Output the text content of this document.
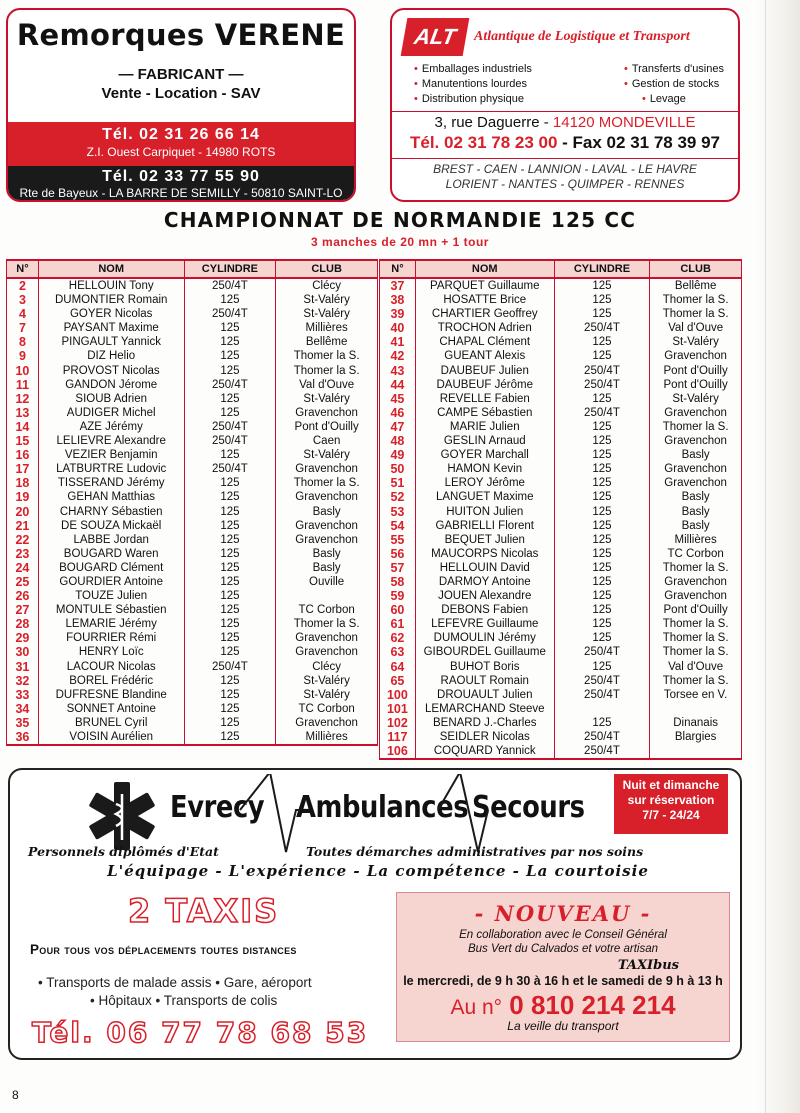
Remorques VERENE
— FABRICANT —
Vente - Location - SAV
Tél. 02 31 26 66 14
Z.I. Ouest Carpiquet - 14980 ROTS
Tél. 02 33 77 55 90
Rte de Bayeux - LA BARRE DE SEMILLY - 50810 SAINT-LO
ALT	Atlantique de Logistique et Transport
• Emballages industriels
• Manutentions lourdes
• Distribution physique
• Transferts d'usines
• Gestion de stocks
• Levage
3, rue Daguerre - 14120 MONDEVILLE
Tél. 02 31 78 23 00 - Fax 02 31 78 39 97
BREST - CAEN - LANNION - LAVAL - LE HAVRE
LORIENT - NANTES - QUIMPER - RENNES
CHAMPIONNAT DE NORMANDIE 125 CC
3 manches de 20 mn + 1 tour
N°	NOM	CYLINDRE	CLUB
2	HELLOUIN Tony	250/4T	Clécy
3	DUMONTIER Romain	125	St-Valéry
4	GOYER Nicolas	250/4T	St-Valéry
7	PAYSANT Maxime	125	Millières
8	PINGAULT Yannick	125	Bellême
9	DIZ Helio	125	Thomer la S.
10	PROVOST Nicolas	125	Thomer la S.
11	GANDON Jérome	250/4T	Val d'Ouve
12	SIOUB Adrien	125	St-Valéry
13	AUDIGER Michel	125	Gravenchon
14	AZE Jérémy	250/4T	Pont d'Ouilly
15	LELIEVRE Alexandre	250/4T	Caen
16	VEZIER Benjamin	125	St-Valéry
17	LATBURTRE Ludovic	250/4T	Gravenchon
18	TISSERAND Jérémy	125	Thomer la S.
19	GEHAN Matthias	125	Gravenchon
20	CHARNY Sébastien	125	Basly
21	DE SOUZA Mickaël	125	Gravenchon
22	LABBE Jordan	125	Gravenchon
23	BOUGARD Waren	125	Basly
24	BOUGARD Clément	125	Basly
25	GOURDIER Antoine	125	Ouville
26	TOUZE Julien	125	
27	MONTULE Sébastien	125	TC Corbon
28	LEMARIE Jérémy	125	Thomer la S.
29	FOURRIER Rémi	125	Gravenchon
30	HENRY Loïc	125	Gravenchon
31	LACOUR Nicolas	250/4T	Clécy
32	BOREL Frédéric	125	St-Valéry
33	DUFRESNE Blandine	125	St-Valéry
34	SONNET Antoine	125	TC Corbon
35	BRUNEL Cyril	125	Gravenchon
36	VOISIN Aurélien	125	Millières
N°	NOM	CYLINDRE	CLUB
37	PARQUET Guillaume	125	Bellême
38	HOSATTE Brice	125	Thomer la S.
39	CHARTIER Geoffrey	125	Thomer la S.
40	TROCHON Adrien	250/4T	Val d'Ouve
41	CHAPAL Clément	125	St-Valéry
42	GUEANT Alexis	125	Gravenchon
43	DAUBEUF Julien	250/4T	Pont d'Ouilly
44	DAUBEUF Jérôme	250/4T	Pont d'Ouilly
45	REVELLE Fabien	125	St-Valéry
46	CAMPE Sébastien	250/4T	Gravenchon
47	MARIE Julien	125	Thomer la S.
48	GESLIN Arnaud	125	Gravenchon
49	GOYER Marchall	125	Basly
50	HAMON Kevin	125	Gravenchon
51	LEROY Jérôme	125	Gravenchon
52	LANGUET Maxime	125	Basly
53	HUITON Julien	125	Basly
54	GABRIELLI Florent	125	Basly
55	BEQUET Julien	125	Millières
56	MAUCORPS Nicolas	125	TC Corbon
57	HELLOUIN David	125	Thomer la S.
58	DARMOY Antoine	125	Gravenchon
59	JOUEN Alexandre	125	Gravenchon
60	DEBONS Fabien	125	Pont d'Ouilly
61	LEFEVRE Guillaume	125	Thomer la S.
62	DUMOULIN Jérémy	125	Thomer la S.
63	GIBOURDEL Guillaume	250/4T	Thomer la S.
64	BUHOT Boris	125	Val d'Ouve
65	RAOULT Romain	250/4T	Thomer la S.
100	DROUAULT Julien	250/4T	Torsee en V.
101	LEMARCHAND Steeve		
102	BENARD J.-Charles	125	Dinanais
117	SEIDLER Nicolas	250/4T	Blargies
106	COQUARD Yannick	250/4T	
Evrecy Ambulances Secours
Nuit et dimanche
sur réservation
7/7 - 24/24
Personnels diplômés d'Etat	Toutes démarches administratives par nos soins
L'équipage - L'expérience - La compétence - La courtoisie
2 TAXIS
Pour tous vos déplacements toutes distances
• Transports de malade assis • Gare, aéroport
• Hôpitaux • Transports de colis
Tél. 06 77 78 68 53
- NOUVEAU -
En collaboration avec le Conseil Général
Bus Vert du Calvados et votre artisan
TAXIbus
le mercredi, de 9 h 30 à 16 h et le samedi de 9 h à 13 h
Au n° 0 810 214 214
La veille du transport
8
